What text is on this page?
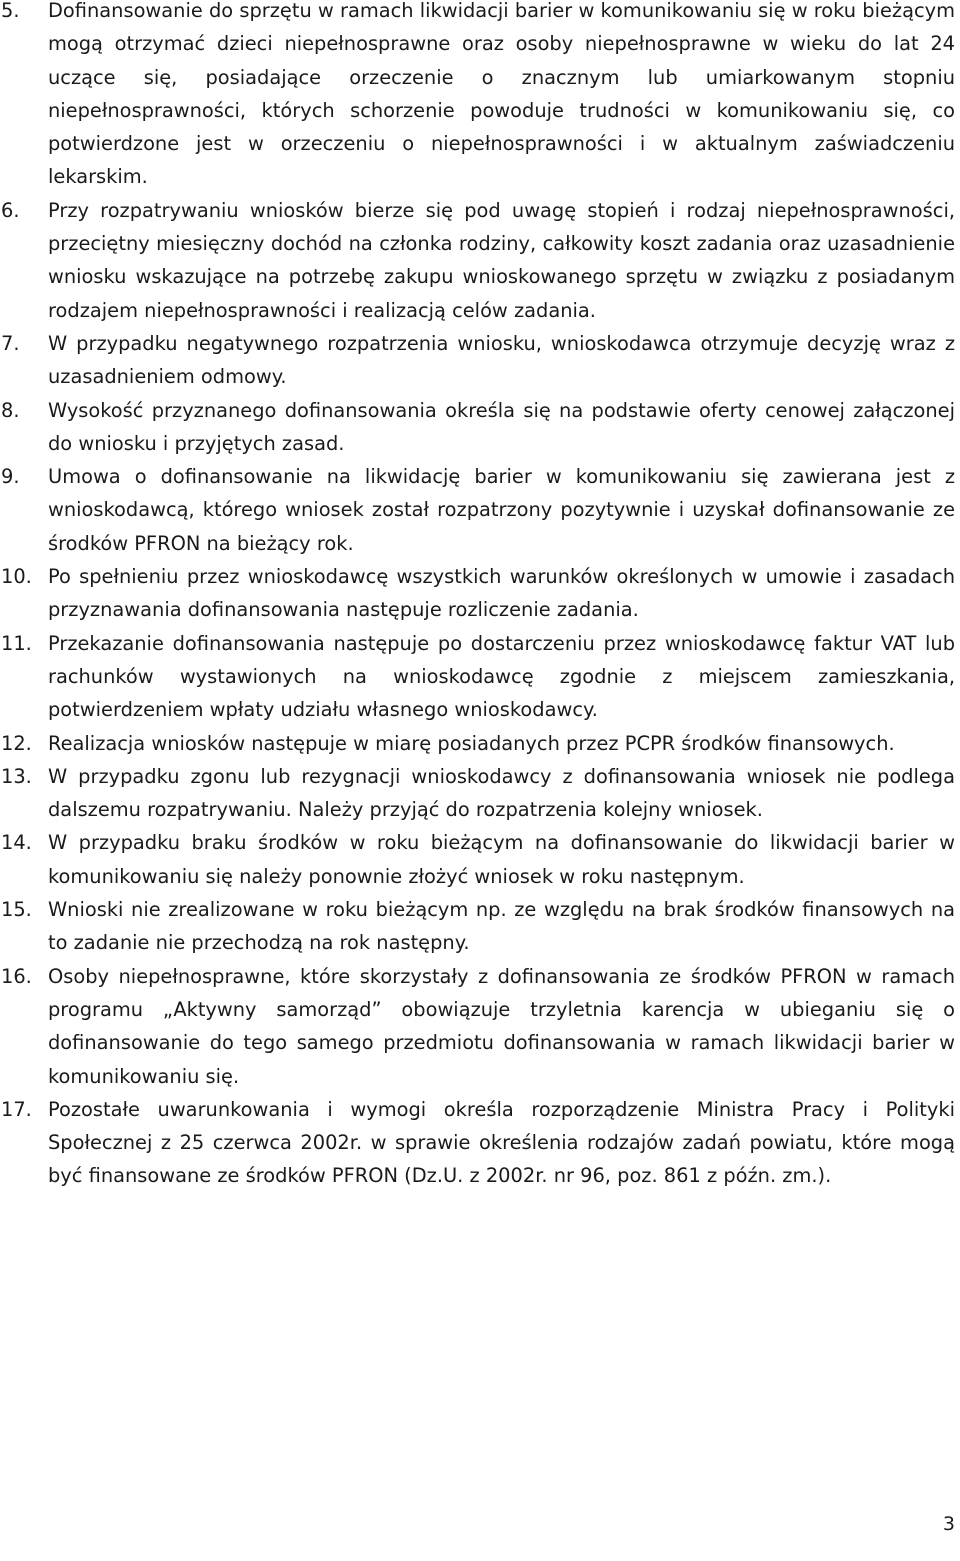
5. Dofinansowanie do sprzętu w ramach likwidacji barier w komunikowaniu się w roku bieżącym mogą otrzymać dzieci niepełnosprawne oraz osoby niepełnosprawne w wieku do lat 24 uczące się, posiadające orzeczenie o znacznym lub umiarkowanym stopniu niepełnosprawności, których schorzenie powoduje trudności w komunikowaniu się, co potwierdzone jest w orzeczeniu o niepełnosprawności i w aktualnym zaświadczeniu lekarskim.
6. Przy rozpatrywaniu wniosków bierze się pod uwagę stopień i rodzaj niepełnosprawności, przeciętny miesięczny dochód na członka rodziny, całkowity koszt zadania oraz uzasadnienie wniosku wskazujące na potrzebę zakupu wnioskowanego sprzętu w związku z posiadanym rodzajem niepełnosprawności i realizacją celów zadania.
7. W przypadku negatywnego rozpatrzenia wniosku, wnioskodawca otrzymuje decyzję wraz z uzasadnieniem odmowy.
8. Wysokość przyznanego dofinansowania określa się na podstawie oferty cenowej załączonej do wniosku i przyjętych zasad.
9. Umowa o dofinansowanie na likwidację barier w komunikowaniu się zawierana jest z wnioskodawcą, którego wniosek został rozpatrzony pozytywnie i uzyskał dofinansowanie ze środków PFRON na bieżący rok.
10. Po spełnieniu przez wnioskodawcę wszystkich warunków określonych w umowie i zasadach przyznawania dofinansowania następuje rozliczenie zadania.
11. Przekazanie dofinansowania następuje po dostarczeniu przez wnioskodawcę faktur VAT lub rachunków wystawionych na wnioskodawcę zgodnie z miejscem zamieszkania, potwierdzeniem wpłaty udziału własnego wnioskodawcy.
12. Realizacja wniosków następuje w miarę posiadanych przez PCPR środków finansowych.
13. W przypadku zgonu lub rezygnacji wnioskodawcy z dofinansowania wniosek nie podlega dalszemu rozpatrywaniu. Należy przyjąć do rozpatrzenia kolejny wniosek.
14. W przypadku braku środków w roku bieżącym na dofinansowanie do likwidacji barier w komunikowaniu się należy ponownie złożyć wniosek w roku następnym.
15. Wnioski nie zrealizowane w roku bieżącym np. ze względu na brak środków finansowych na to zadanie nie przechodzą na rok następny.
16. Osoby niepełnosprawne, które skorzystały z dofinansowania ze środków PFRON w ramach programu „Aktywny samorząd” obowiązuje trzyletnia karencja w ubieganiu się o dofinansowanie do tego samego przedmiotu dofinansowania w ramach likwidacji barier w komunikowaniu się.
17. Pozostałe uwarunkowania i wymogi określa rozporządzenie Ministra Pracy i Polityki Społecznej z 25 czerwca 2002r. w sprawie określenia rodzajów zadań powiatu, które mogą być finansowane ze środków PFRON (Dz.U. z 2002r. nr 96, poz. 861 z późn. zm.).
3
